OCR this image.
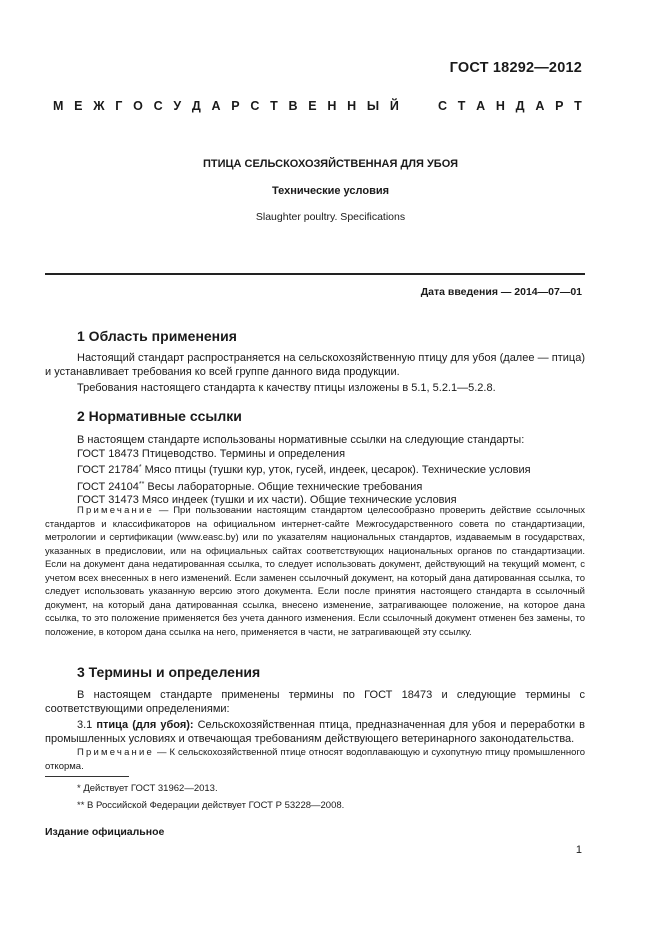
ГОСТ 18292—2012
М Е Ж Г О С У Д А Р С Т В Е Н Н Ы Й

	С Т А Н Д А Р Т
ПТИЦА СЕЛЬСКОХОЗЯЙСТВЕННАЯ ДЛЯ УБОЯ
Технические условия
Slaughter poultry. Specifications
Дата введения — 2014—07—01
1 Область применения

Настоящий стандарт распространяется на сельскохозяйственную птицу для убоя (далее — птица) и устанавливает требования ко всей группе данного вида продукции.

Требования настоящего стандарта к качеству птицы изложены в 5.1, 5.2.1—5.2.8.

2 Нормативные ссылки

В настоящем стандарте использованы нормативные ссылки на следующие стандарты:

ГОСТ 18473 Птицеводство. Термины и определения

ГОСТ 21784* Мясо птицы (тушки кур, уток, гусей, индеек, цесарок). Технические условия

ГОСТ 24104** Весы лабораторные. Общие технические требования

ГОСТ 31473 Мясо индеек (тушки и их части). Общие технические условия

Примечание — При пользовании настоящим стандартом целесообразно проверить действие ссылочных стандартов и классификаторов на официальном интернет-сайте Межгосударственного совета по стандартизации, метрологии и сертификации (www.easc.by) или по указателям национальных стандартов, издаваемым в государствах, указанных в предисловии, или на официальных сайтах соответствующих национальных органов по стандартизации. Если на документ дана недатированная ссылка, то следует использовать документ, действующий на текущий момент, с учетом всех внесенных в него изменений. Если заменен ссылочный документ, на который дана датированная ссылка, то следует использовать указанную версию этого документа. Если после принятия настоящего стандарта в ссылочный документ, на который дана датированная ссылка, внесено изменение, затрагивающее положение, на которое дана ссылка, то это положение применяется без учета данного изменения. Если ссылочный документ отменен без замены, то положение, в котором дана ссылка на него, применяется в части, не затрагивающей эту ссылку.
3 Термины и определения

В настоящем стандарте применены термины по ГОСТ 18473 и следующие термины с соответствующими определениями:

3.1 птица (для убоя): Сельскохозяйственная птица, предназначенная для убоя и переработки в промышленных условиях и отвечающая требованиям действующего ветеринарного законодательства.

Примечание — К сельскохозяйственной птице относят водоплавающую и сухопутную птицу промышленного откорма.
* Действует ГОСТ 31962—2013.
** В Российской Федерации действует ГОСТ Р 53228—2008.
Издание официальное
1
